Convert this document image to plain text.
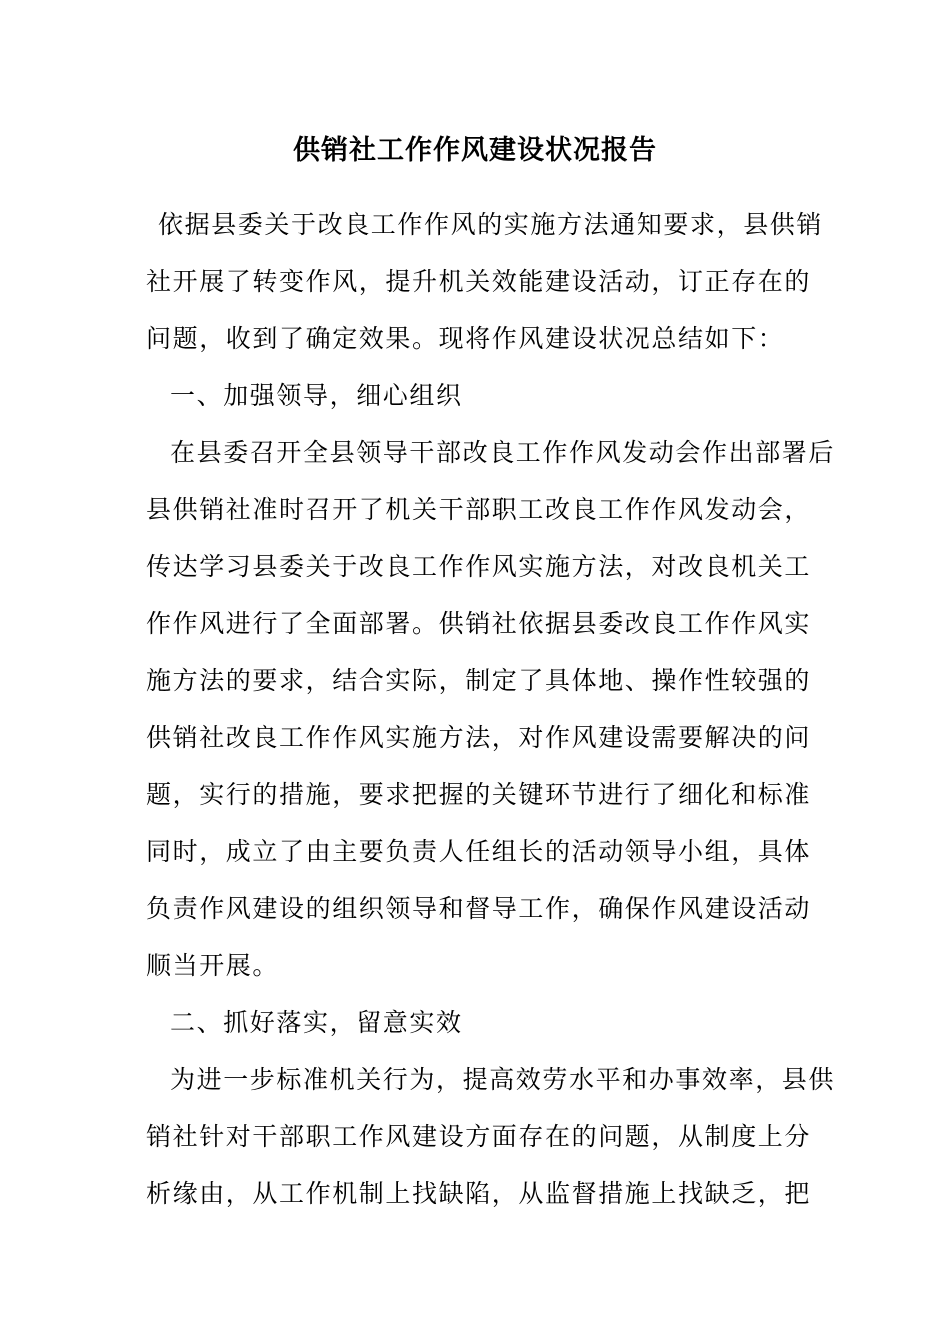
供销社工作作风建设状况报告
依据县委关于改良工作作风的实施方法通知要求，县供销
社开展了转变作风，提升机关效能建设活动，订正存在的
问题，收到了确定效果。现将作风建设状况总结如下：
一、加强领导，细心组织
在县委召开全县领导干部改良工作作风发动会作出部署后
县供销社准时召开了机关干部职工改良工作作风发动会，
传达学习县委关于改良工作作风实施方法，对改良机关工
作作风进行了全面部署。供销社依据县委改良工作作风实
施方法的要求，结合实际，制定了具体地、操作性较强的
供销社改良工作作风实施方法，对作风建设需要解决的问
题，实行的措施，要求把握的关键环节进行了细化和标准
同时，成立了由主要负责人任组长的活动领导小组，具体
负责作风建设的组织领导和督导工作，确保作风建设活动
顺当开展。
二、抓好落实，留意实效
为进一步标准机关行为，提高效劳水平和办事效率，县供
销社针对干部职工作风建设方面存在的问题，从制度上分
析缘由，从工作机制上找缺陷，从监督措施上找缺乏，把
